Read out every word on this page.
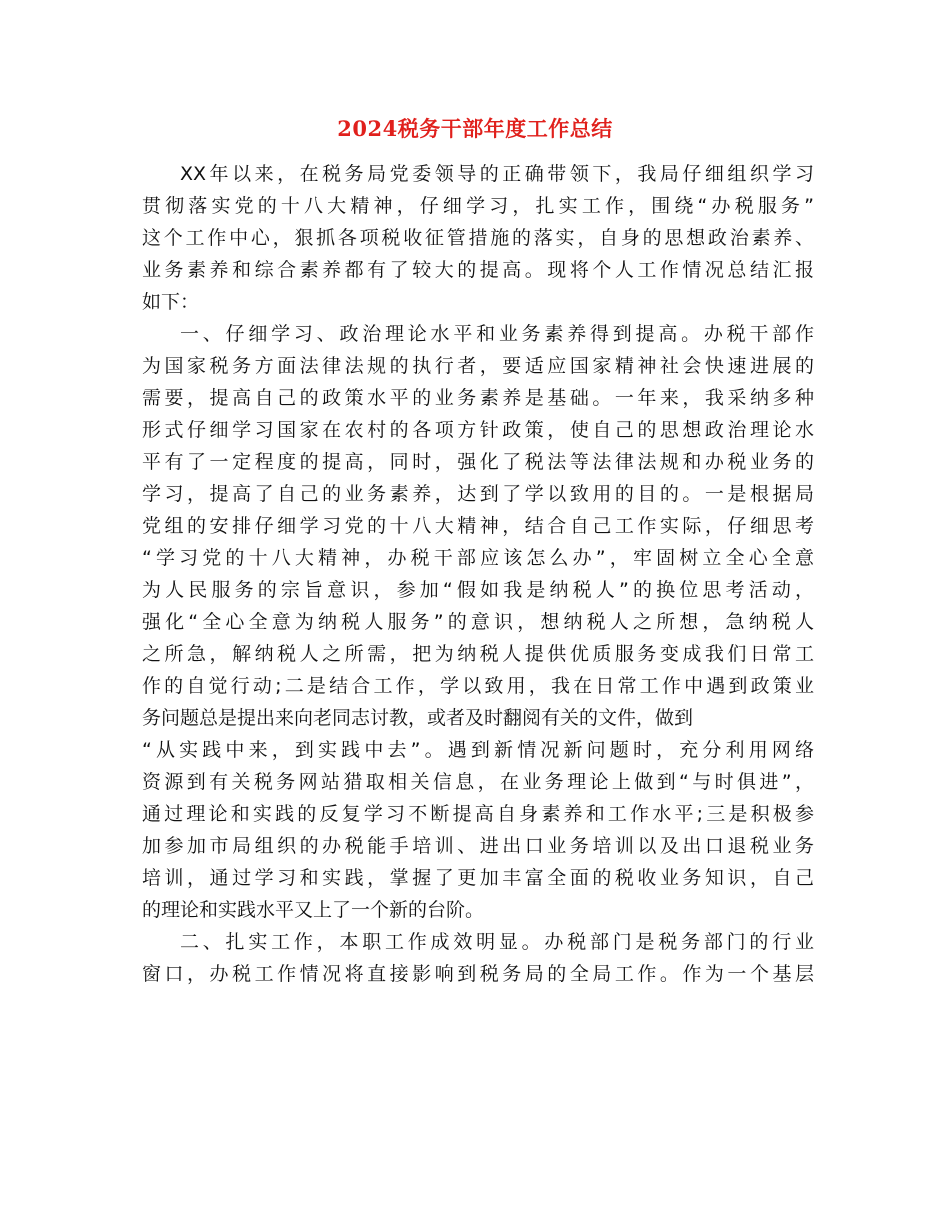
2024税务干部年度工作总结
XX年以来，在税务局党委领导的正确带领下，我局仔细组织学习
贯彻落实党的十八大精神，仔细学习，扎实工作，围绕“办税服务”
这个工作中心，狠抓各项税收征管措施的落实，自身的思想政治素养、
业务素养和综合素养都有了较大的提高。现将个人工作情况总结汇报
如下：
一、仔细学习、政治理论水平和业务素养得到提高。办税干部作
为国家税务方面法律法规的执行者，要适应国家精神社会快速进展的
需要，提高自己的政策水平的业务素养是基础。一年来，我采纳多种
形式仔细学习国家在农村的各项方针政策，使自己的思想政治理论水
平有了一定程度的提高，同时，强化了税法等法律法规和办税业务的
学习，提高了自己的业务素养，达到了学以致用的目的。一是根据局
党组的安排仔细学习党的十八大精神，结合自己工作实际，仔细思考
“学习党的十八大精神，办税干部应该怎么办”，牢固树立全心全意
为人民服务的宗旨意识，参加“假如我是纳税人”的换位思考活动，
强化“全心全意为纳税人服务”的意识，想纳税人之所想，急纳税人
之所急，解纳税人之所需，把为纳税人提供优质服务变成我们日常工
作的自觉行动;二是结合工作，学以致用，我在日常工作中遇到政策业
务问题总是提出来向老同志讨教，或者及时翻阅有关的文件，做到
“从实践中来，到实践中去”。遇到新情况新问题时，充分利用网络
资源到有关税务网站猎取相关信息，在业务理论上做到“与时俱进”，
通过理论和实践的反复学习不断提高自身素养和工作水平;三是积极参
加参加市局组织的办税能手培训、进出口业务培训以及出口退税业务
培训，通过学习和实践，掌握了更加丰富全面的税收业务知识，自己
的理论和实践水平又上了一个新的台阶。
二、扎实工作，本职工作成效明显。办税部门是税务部门的行业
窗口，办税工作情况将直接影响到税务局的全局工作。作为一个基层
